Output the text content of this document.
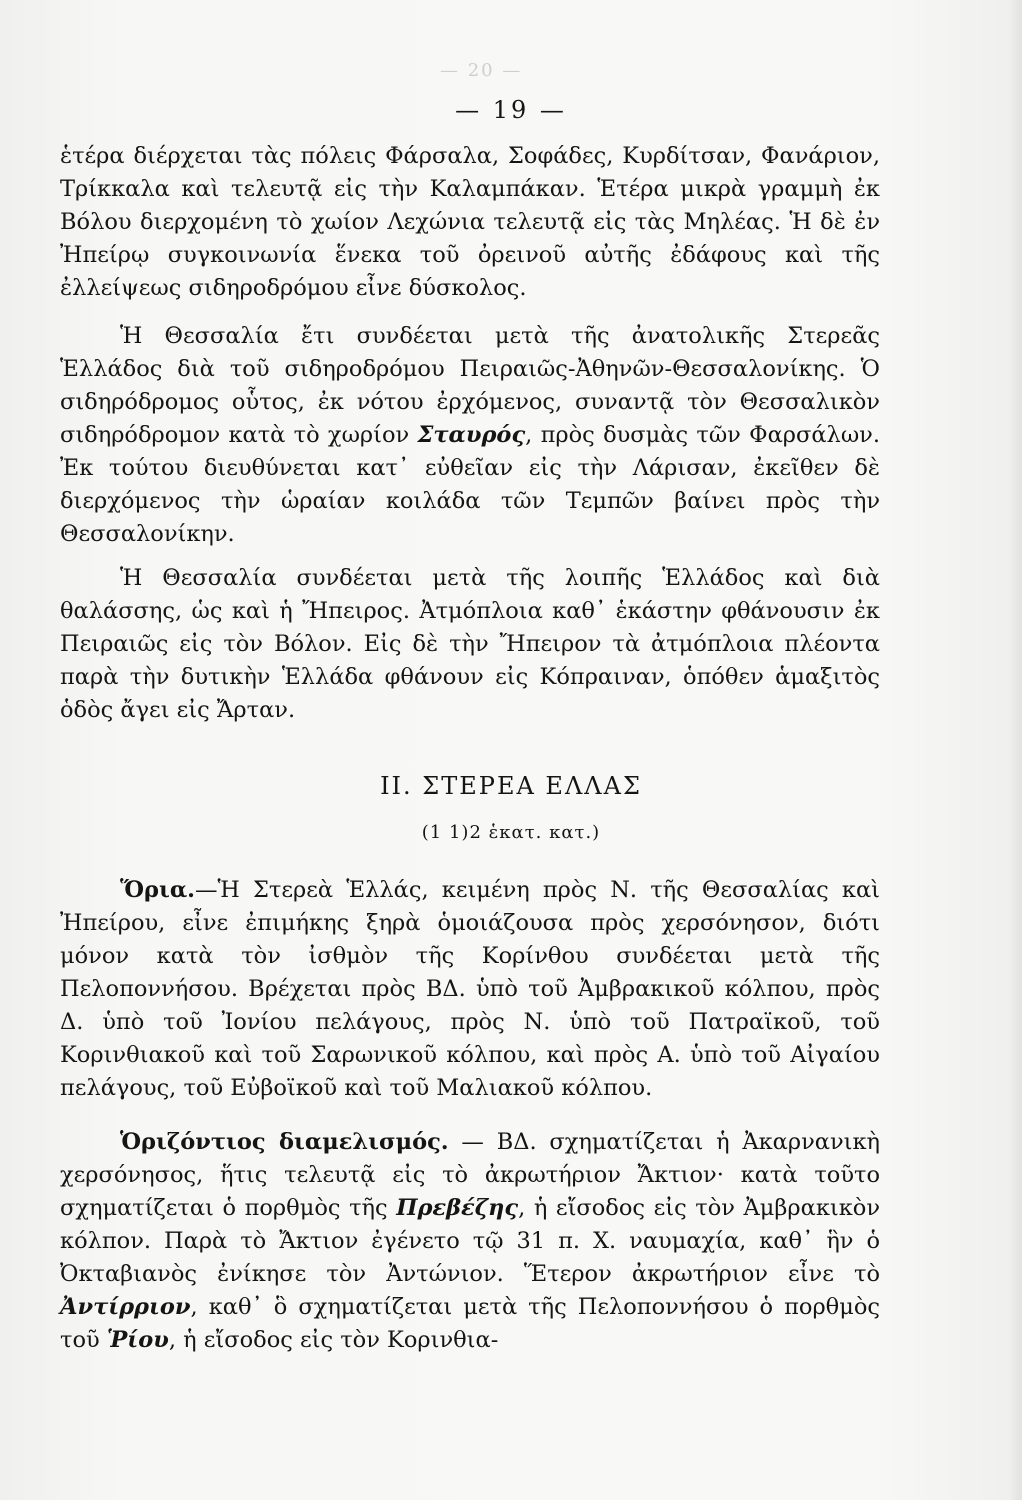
— 20 —
— 19 —

ἑτέρα διέρχεται τὰς πόλεις Φάρσαλα, Σοφάδες, Κυρδίτσαν, Φανάριον, Τρίκκαλα καὶ τελευτᾷ εἰς τὴν Καλαμπάκαν. Ἑτέρα μικρὰ γραμμὴ ἐκ Βόλου διερχομένη τὸ χωίον Λεχώνια τελευτᾷ εἰς τὰς Μηλέας. Ἡ δὲ ἐν Ἠπείρῳ συγκοινωνία ἕνεκα τοῦ ὀρεινοῦ αὐτῆς ἐδάφους καὶ τῆς ἐλλείψεως σιδηροδρόμου εἶνε δύσκολος.

Ἡ Θεσσαλία ἔτι συνδέεται μετὰ τῆς ἀνατολικῆς Στερεᾶς Ἑλλάδος διὰ τοῦ σιδηροδρόμου Πειραιῶς-Ἀθηνῶν-Θεσσαλονίκης. Ὁ σιδηρόδρομος οὗτος, ἐκ νότου ἐρχόμενος, συναντᾷ τὸν Θεσσαλικὸν σιδηρόδρομον κατὰ τὸ χωρίον Σταυρός, πρὸς δυσμὰς τῶν Φαρσάλων. Ἐκ τούτου διευθύνεται κατ᾽ εὐθεῖαν εἰς τὴν Λάρισαν, ἐκεῖθεν δὲ διερχόμενος τὴν ὡραίαν κοιλάδα τῶν Τεμπῶν βαίνει πρὸς τὴν Θεσσαλονίκην.

Ἡ Θεσσαλία συνδέεται μετὰ τῆς λοιπῆς Ἑλλάδος καὶ διὰ θαλάσσης, ὡς καὶ ἡ Ἤπειρος. Ἀτμόπλοια καθ᾽ ἑκάστην φθάνουσιν ἐκ Πειραιῶς εἰς τὸν Βόλον. Εἰς δὲ τὴν Ἤπειρον τὰ ἀτμόπλοια πλέοντα παρὰ τὴν δυτικὴν Ἑλλάδα φθάνουν εἰς Κόπραιναν, ὁπόθεν ἁμαξιτὸς ὁδὸς ἄγει εἰς Ἄρταν.

II. ΣΤΕΡΕΑ ΕΛΛΑΣ
(1 1)2 ἑκατ. κατ.)

Ὅρια.—Ἡ Στερεὰ Ἑλλάς, κειμένη πρὸς Ν. τῆς Θεσσαλίας καὶ Ἠπείρου, εἶνε ἐπιμήκης ξηρὰ ὁμοιάζουσα πρὸς χερσόνησον, διότι μόνον κατὰ τὸν ἰσθμὸν τῆς Κορίνθου συνδέεται μετὰ τῆς Πελοποννήσου. Βρέχεται πρὸς ΒΔ. ὑπὸ τοῦ Ἀμβρακικοῦ κόλπου, πρὸς Δ. ὑπὸ τοῦ Ἰονίου πελάγους, πρὸς Ν. ὑπὸ τοῦ Πατραϊκοῦ, τοῦ Κορινθιακοῦ καὶ τοῦ Σαρωνικοῦ κόλπου, καὶ πρὸς Α. ὑπὸ τοῦ Αἰγαίου πελάγους, τοῦ Εὐβοϊκοῦ καὶ τοῦ Μαλιακοῦ κόλπου.

Ὁριζόντιος διαμελισμός. — ΒΔ. σχηματίζεται ἡ Ἀκαρνανικὴ χερσόνησος, ἥτις τελευτᾷ εἰς τὸ ἀκρωτήριον Ἄκτιον· κατὰ τοῦτο σχηματίζεται ὁ πορθμὸς τῆς Πρεβέζης, ἡ εἴσοδος εἰς τὸν Ἀμβρακικὸν κόλπον. Παρὰ τὸ Ἄκτιον ἐγένετο τῷ 31 π. Χ. ναυμαχία, καθ᾽ ἣν ὁ Ὀκταβιανὸς ἐνίκησε τὸν Ἀντώνιον. Ἕτερον ἀκρωτήριον εἶνε τὸ Ἀντίρριον, καθ᾽ ὃ σχηματίζεται μετὰ τῆς Πελοποννήσου ὁ πορθμὸς τοῦ Ῥίου, ἡ εἴσοδος εἰς τὸν Κορινθια-
